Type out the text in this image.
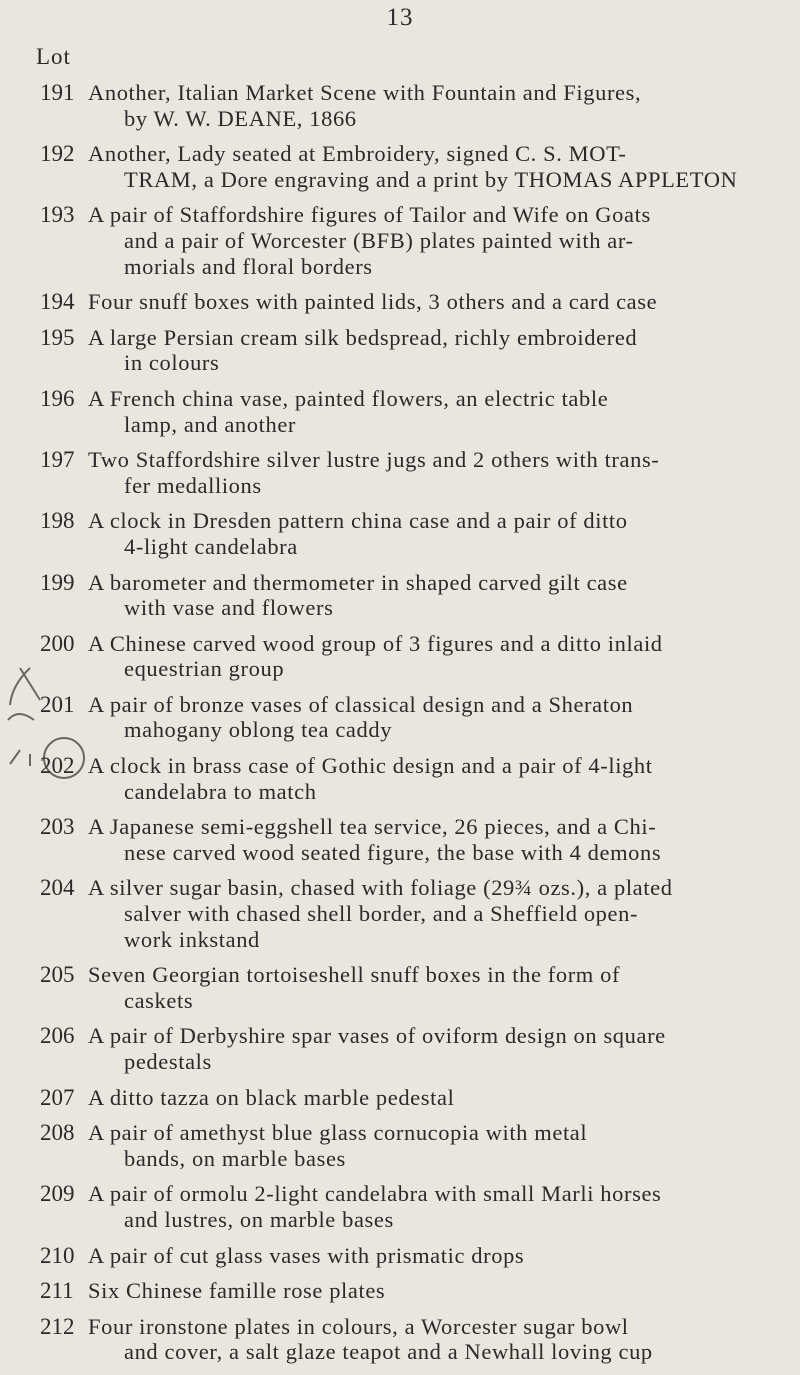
13
Lot
191 Another, Italian Market Scene with Fountain and Figures,
by W. W. DEANE, 1866
192 Another, Lady seated at Embroidery, signed C. S. MOT-
TRAM, a Dore engraving and a print by THOMAS APPLETON
193 A pair of Staffordshire figures of Tailor and Wife on Goats
and a pair of Worcester (BFB) plates painted with ar-
morials and floral borders
194 Four snuff boxes with painted lids, 3 others and a card case
195 A large Persian cream silk bedspread, richly embroidered
in colours
196 A French china vase, painted flowers, an electric table
lamp, and another
197 Two Staffordshire silver lustre jugs and 2 others with trans-
fer medallions
198 A clock in Dresden pattern china case and a pair of ditto
4-light candelabra
199 A barometer and thermometer in shaped carved gilt case
with vase and flowers
200 A Chinese carved wood group of 3 figures and a ditto inlaid
equestrian group
201 A pair of bronze vases of classical design and a Sheraton
mahogany oblong tea caddy
202 A clock in brass case of Gothic design and a pair of 4-light
candelabra to match
203 A Japanese semi-eggshell tea service, 26 pieces, and a Chi-
nese carved wood seated figure, the base with 4 demons
204 A silver sugar basin, chased with foliage (29¾ ozs.), a plated
salver with chased shell border, and a Sheffield open-
work inkstand
205 Seven Georgian tortoiseshell snuff boxes in the form of
caskets
206 A pair of Derbyshire spar vases of oviform design on square
pedestals
207 A ditto tazza on black marble pedestal
208 A pair of amethyst blue glass cornucopia with metal
bands, on marble bases
209 A pair of ormolu 2-light candelabra with small Marli horses
and lustres, on marble bases
210 A pair of cut glass vases with prismatic drops
211 Six Chinese famille rose plates
212 Four ironstone plates in colours, a Worcester sugar bowl
and cover, a salt glaze teapot and a Newhall loving cup
